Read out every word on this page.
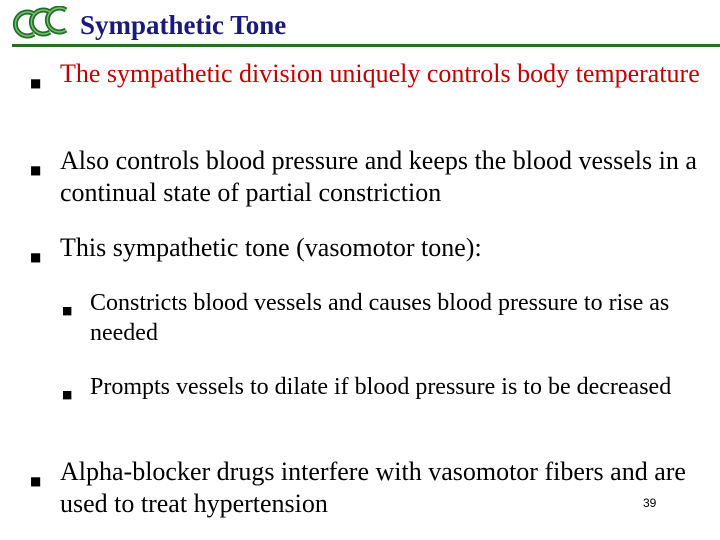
Sympathetic Tone
■ The sympathetic division uniquely controls body temperature
■ Also controls blood pressure and keeps the blood vessels in a continual state of partial constriction
■ This sympathetic tone (vasomotor tone):
■ Constricts blood vessels and causes blood pressure to rise as needed
■ Prompts vessels to dilate if blood pressure is to be decreased
■ Alpha-blocker drugs interfere with vasomotor fibers and are used to treat hypertension	39
